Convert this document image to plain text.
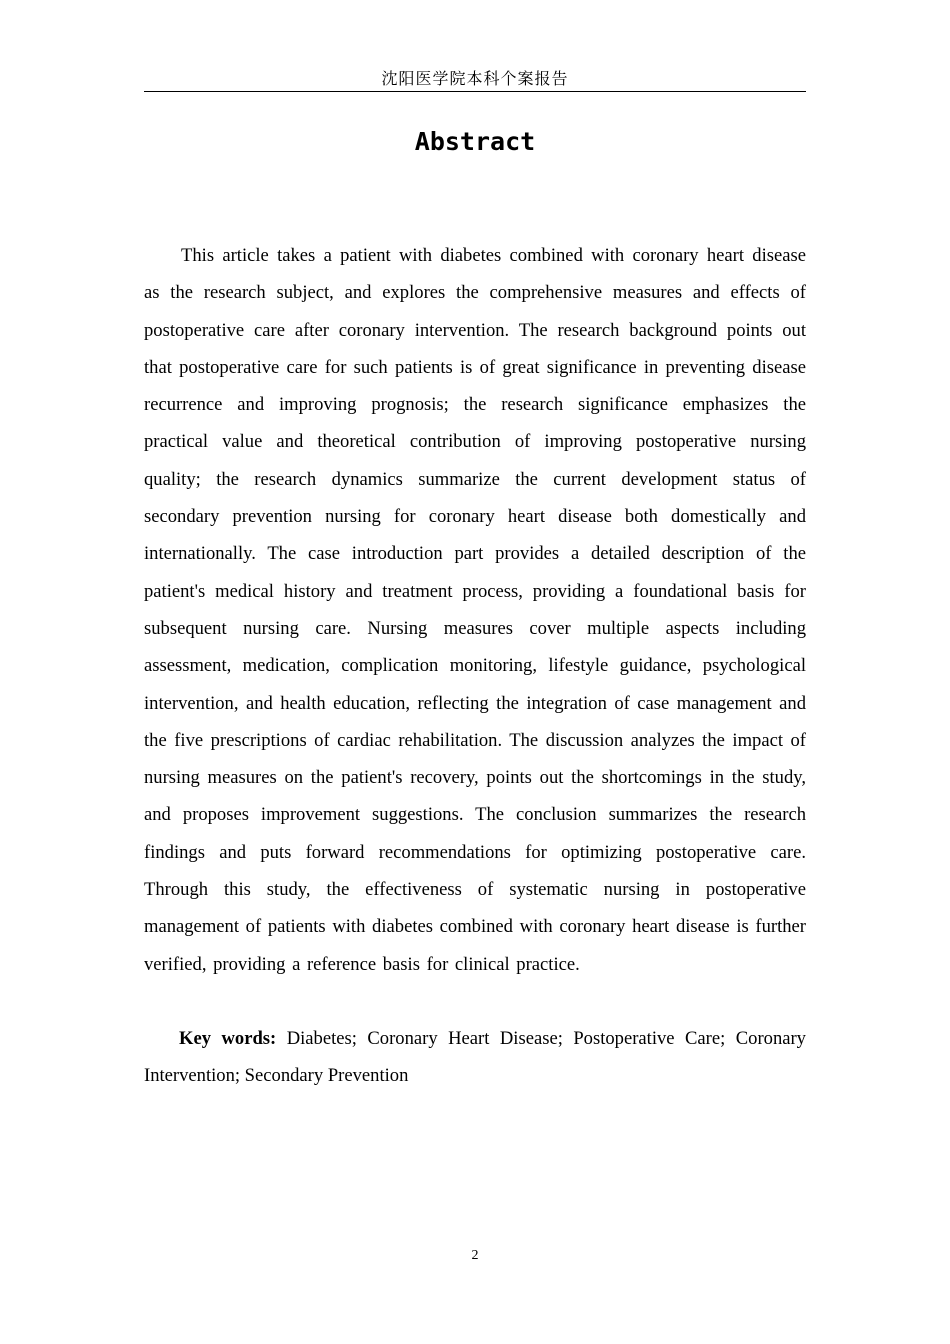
沈阳医学院本科个案报告
Abstract

This article takes a patient with diabetes combined with coronary heart disease as the research subject, and explores the comprehensive measures and effects of postoperative care after coronary intervention. The research background points out that postoperative care for such patients is of great significance in preventing disease recurrence and improving prognosis; the research significance emphasizes the practical value and theoretical contribution of improving postoperative nursing quality; the research dynamics summarize the current development status of secondary prevention nursing for coronary heart disease both domestically and internationally. The case introduction part provides a detailed description of the patient's medical history and treatment process, providing a foundational basis for subsequent nursing care. Nursing measures cover multiple aspects including assessment, medication, complication monitoring, lifestyle guidance, psychological intervention, and health education, reflecting the integration of case management and the five prescriptions of cardiac rehabilitation. The discussion analyzes the impact of nursing measures on the patient's recovery, points out the shortcomings in the study, and proposes improvement suggestions. The conclusion summarizes the research findings and puts forward recommendations for optimizing postoperative care. Through this study, the effectiveness of systematic nursing in postoperative management of patients with diabetes combined with coronary heart disease is further verified, providing a reference basis for clinical practice.

Key words: Diabetes; Coronary Heart Disease; Postoperative Care; Coronary Intervention; Secondary Prevention

2
